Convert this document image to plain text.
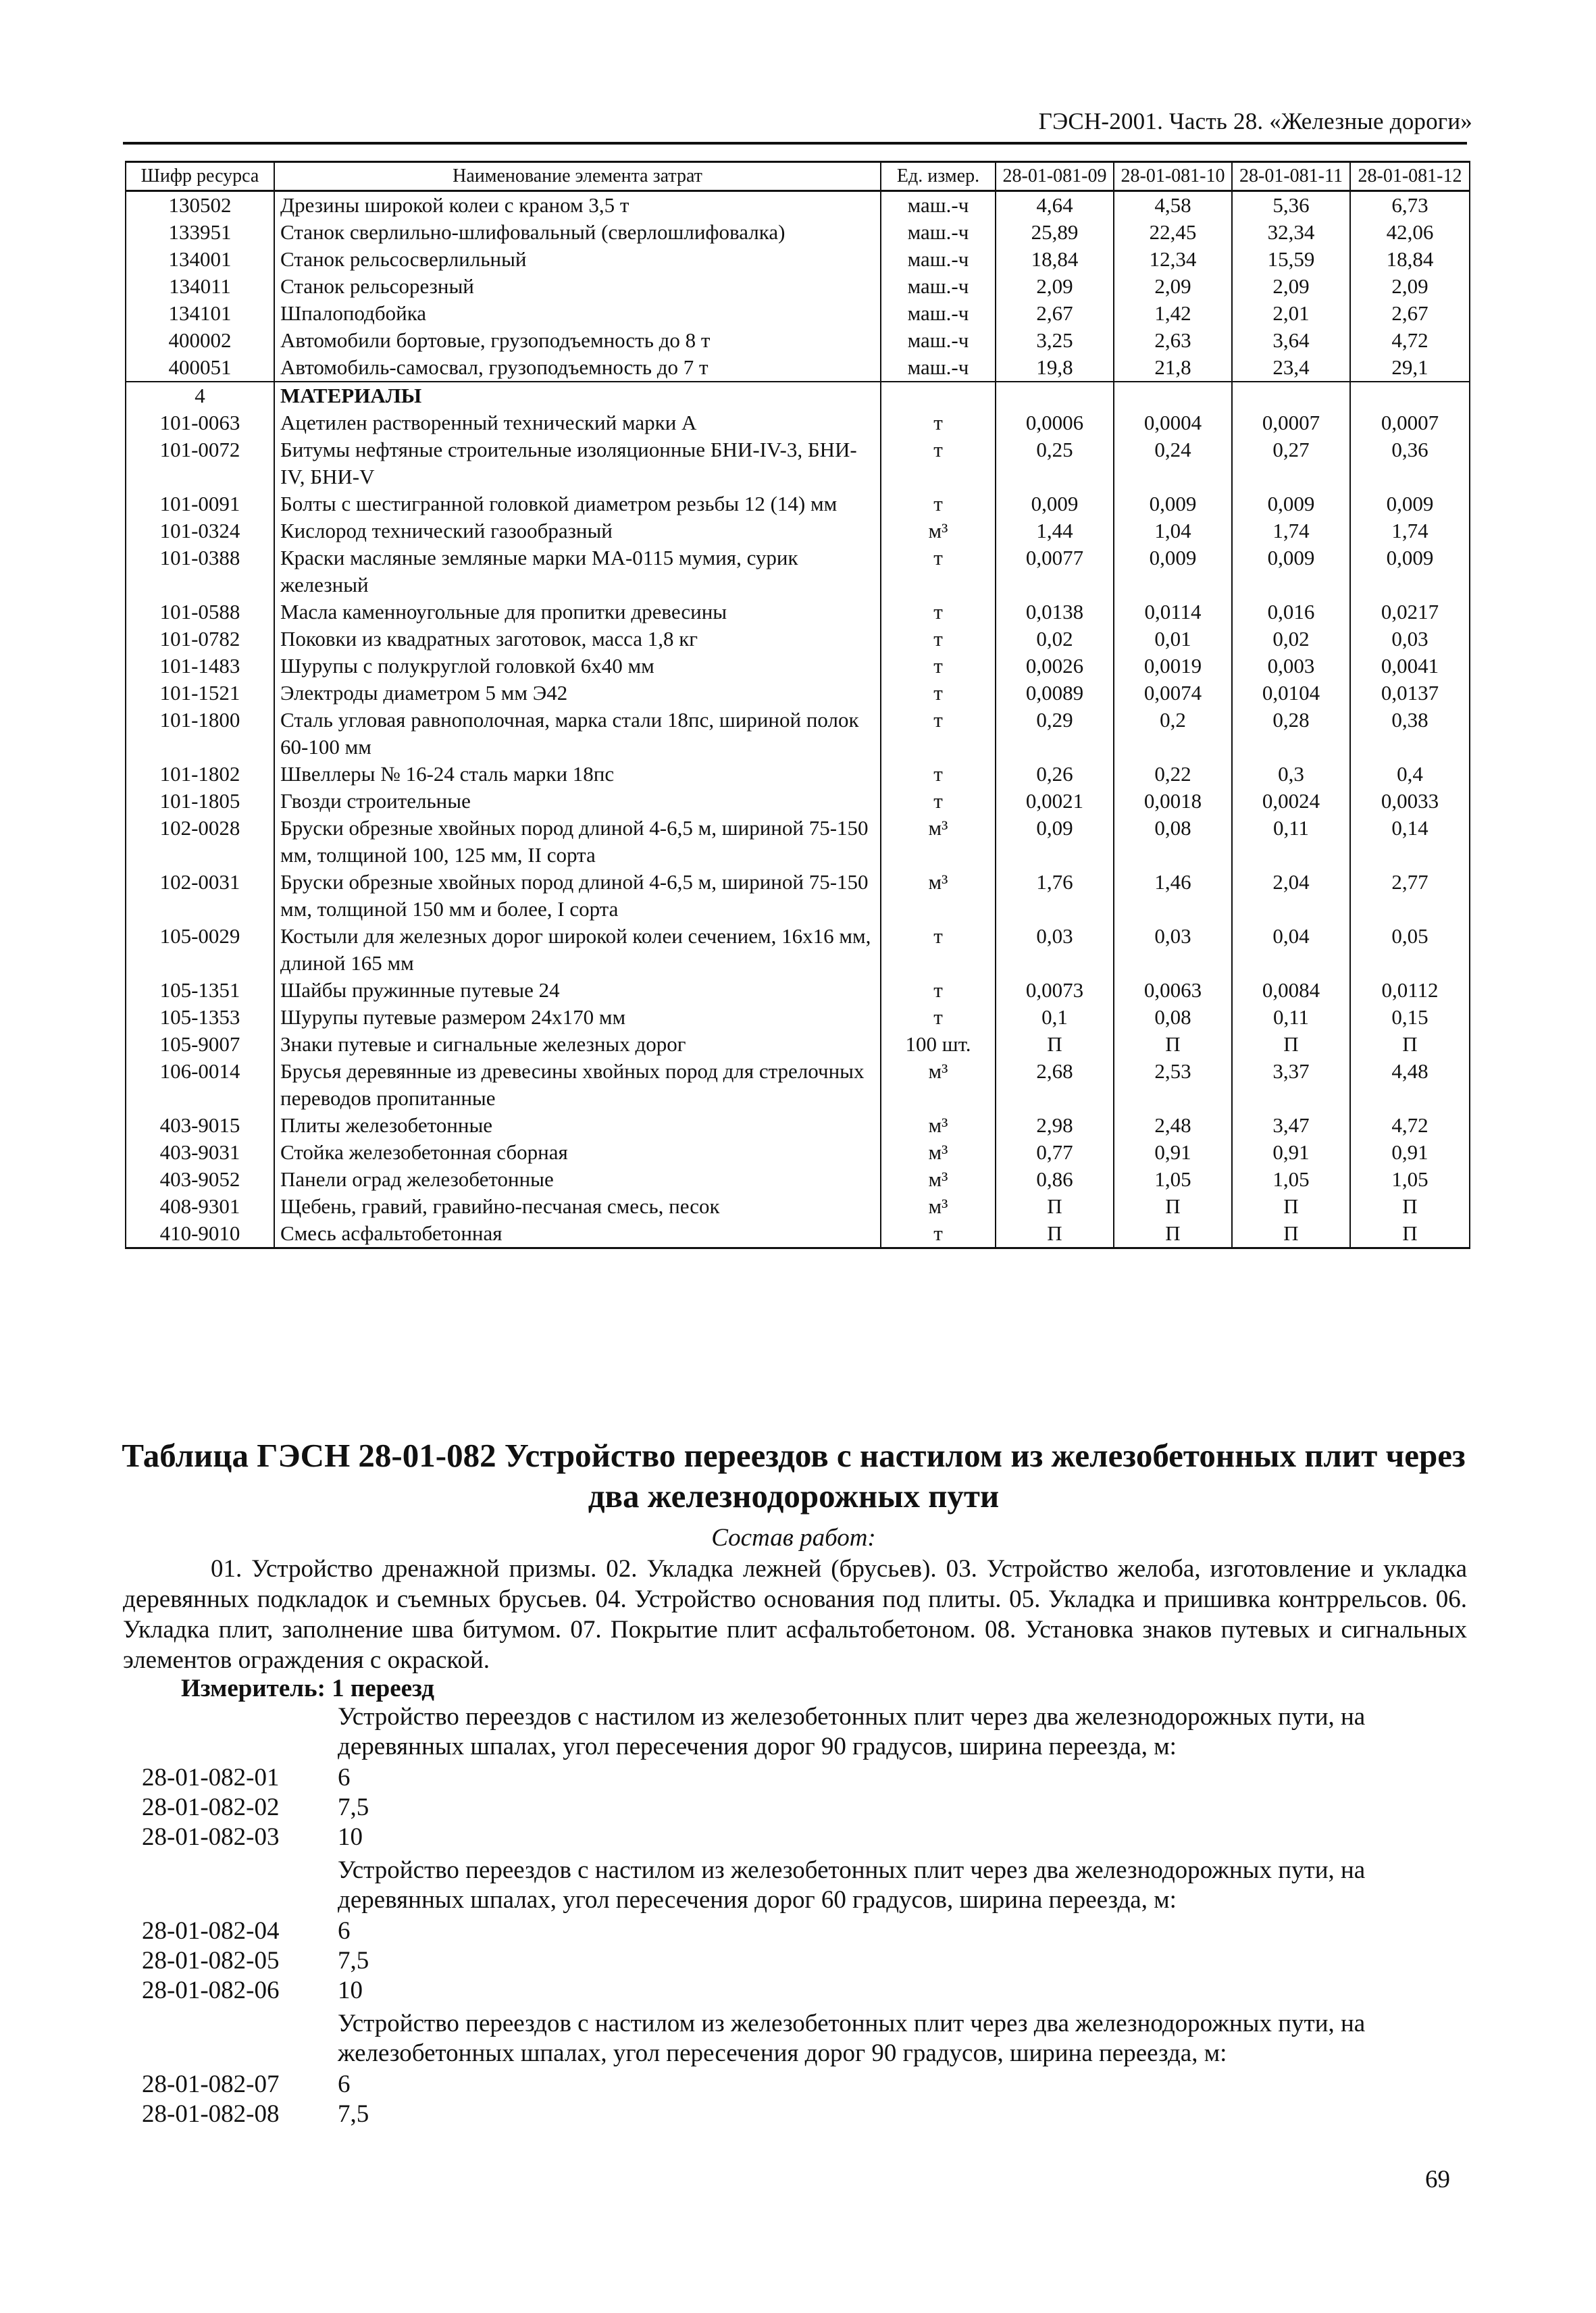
ГЭСН-2001. Часть 28. «Железные дороги»
Шифр ресурса	Наименование элемента затрат	Ед. измер.	28-01-081-09	28-01-081-10	28-01-081-11	28-01-081-12
130502	Дрезины широкой колеи с краном 3,5 т	маш.-ч	4,64	4,58	5,36	6,73
133951	Станок сверлильно-шлифовальный (сверлошлифовалка)	маш.-ч	25,89	22,45	32,34	42,06
134001	Станок рельсосверлильный	маш.-ч	18,84	12,34	15,59	18,84
134011	Станок рельсорезный	маш.-ч	2,09	2,09	2,09	2,09
134101	Шпалоподбойка	маш.-ч	2,67	1,42	2,01	2,67
400002	Автомобили бортовые, грузоподъемность до 8 т	маш.-ч	3,25	2,63	3,64	4,72
400051	Автомобиль-самосвал, грузоподъемность до 7 т	маш.-ч	19,8	21,8	23,4	29,1
4	МАТЕРИАЛЫ					
101-0063	Ацетилен растворенный технический марки А	т	0,0006	0,0004	0,0007	0,0007
101-0072	Битумы нефтяные строительные изоляционные БНИ-IV-3, БНИ-IV, БНИ-V	т	0,25	0,24	0,27	0,36
101-0091	Болты с шестигранной головкой диаметром резьбы 12 (14) мм	т	0,009	0,009	0,009	0,009
101-0324	Кислород технический газообразный	м³	1,44	1,04	1,74	1,74
101-0388	Краски масляные земляные марки МА-0115 мумия, сурик железный	т	0,0077	0,009	0,009	0,009
101-0588	Масла каменноугольные для пропитки древесины	т	0,0138	0,0114	0,016	0,0217
101-0782	Поковки из квадратных заготовок, масса 1,8 кг	т	0,02	0,01	0,02	0,03
101-1483	Шурупы с полукруглой головкой 6х40 мм	т	0,0026	0,0019	0,003	0,0041
101-1521	Электроды диаметром 5 мм Э42	т	0,0089	0,0074	0,0104	0,0137
101-1800	Сталь угловая равнополочная, марка стали 18пс, шириной полок 60-100 мм	т	0,29	0,2	0,28	0,38
101-1802	Швеллеры № 16-24 сталь марки 18пс	т	0,26	0,22	0,3	0,4
101-1805	Гвозди строительные	т	0,0021	0,0018	0,0024	0,0033
102-0028	Бруски обрезные хвойных пород длиной 4-6,5 м, шириной 75-150 мм, толщиной 100, 125 мм, II сорта	м³	0,09	0,08	0,11	0,14
102-0031	Бруски обрезные хвойных пород длиной 4-6,5 м, шириной 75-150 мм, толщиной 150 мм и более, I сорта	м³	1,76	1,46	2,04	2,77
105-0029	Костыли для железных дорог широкой колеи сечением, 16х16 мм, длиной 165 мм	т	0,03	0,03	0,04	0,05
105-1351	Шайбы пружинные путевые 24	т	0,0073	0,0063	0,0084	0,0112
105-1353	Шурупы путевые размером 24х170 мм	т	0,1	0,08	0,11	0,15
105-9007	Знаки путевые и сигнальные железных дорог	100 шт.	П	П	П	П
106-0014	Брусья деревянные из древесины хвойных пород для стрелочных переводов пропитанные	м³	2,68	2,53	3,37	4,48
403-9015	Плиты железобетонные	м³	2,98	2,48	3,47	4,72
403-9031	Стойка железобетонная сборная	м³	0,77	0,91	0,91	0,91
403-9052	Панели оград железобетонные	м³	0,86	1,05	1,05	1,05
408-9301	Щебень, гравий, гравийно-песчаная смесь, песок	м³	П	П	П	П
410-9010	Смесь асфальтобетонная	т	П	П	П	П
Таблица ГЭСН 28-01-082 Устройство переездов с настилом из железобетонных плит через два железнодорожных пути
Состав работ:
01. Устройство дренажной призмы. 02. Укладка лежней (брусьев). 03. Устройство желоба, изготовление и укладка деревянных подкладок и съемных брусьев. 04. Устройство основания под плиты. 05. Укладка и пришивка контррельсов. 06. Укладка плит, заполнение шва битумом. 07. Покрытие плит асфальтобетоном. 08. Установка знаков путевых и сигнальных элементов ограждения с окраской.
Измеритель: 1 переезд
Устройство переездов с настилом из железобетонных плит через два железнодорожных пути, на деревянных шпалах, угол пересечения дорог 90 градусов, ширина переезда, м:
28-01-082-01 6
28-01-082-02 7,5
28-01-082-03 10
Устройство переездов с настилом из железобетонных плит через два железнодорожных пути, на деревянных шпалах, угол пересечения дорог 60 градусов, ширина переезда, м:
28-01-082-04 6
28-01-082-05 7,5
28-01-082-06 10
Устройство переездов с настилом из железобетонных плит через два железнодорожных пути, на железобетонных шпалах, угол пересечения дорог 90 градусов, ширина переезда, м:
28-01-082-07 6
28-01-082-08 7,5
69
